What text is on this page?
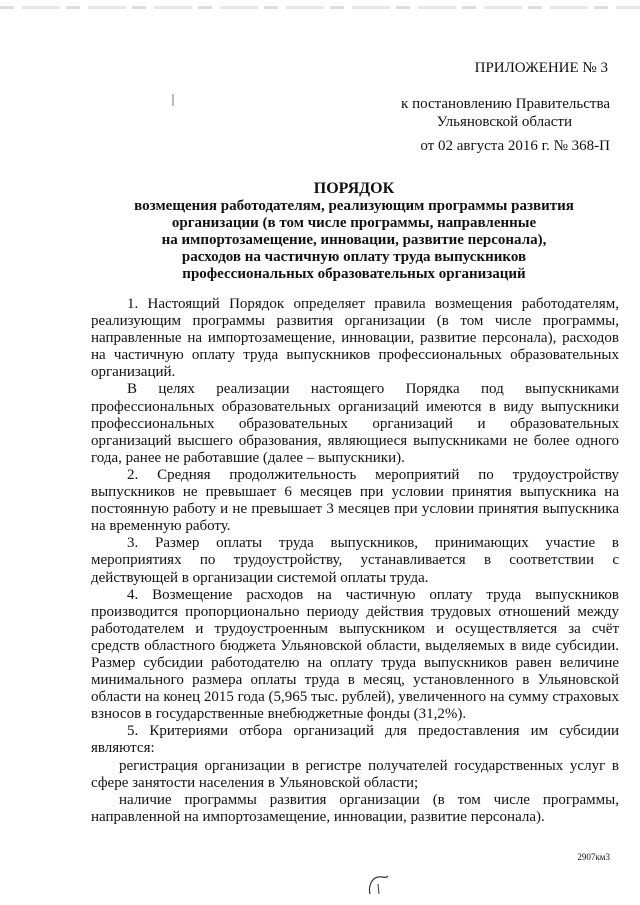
ПРИЛОЖЕНИЕ № 3
к постановлению Правительства
Ульяновской области
от 02 августа 2016 г. № 368-П
ПОРЯДОК
возмещения работодателям, реализующим программы развития
организации (в том числе программы, направленные
на импортозамещение, инновации, развитие персонала),
расходов на частичную оплату труда выпускников
профессиональных образовательных организаций

1. Настоящий Порядок определяет правила возмещения работодателям, реализующим программы развития организации (в том числе программы, направленные на импортозамещение, инновации, развитие персонала), расходов на частичную оплату труда выпускников профессиональных образовательных организаций.

В целях реализации настоящего Порядка под выпускниками профессиональных образовательных организаций имеются в виду выпускники профессиональных образовательных организаций и образовательных организаций высшего образования, являющиеся выпускниками не более одного года, ранее не работавшие (далее – выпускники).

2. Средняя продолжительность мероприятий по трудоустройству выпускников не превышает 6 месяцев при условии принятия выпускника на постоянную работу и не превышает 3 месяцев при условии принятия выпускника на временную работу.

3. Размер оплаты труда выпускников, принимающих участие в мероприятиях по трудоустройству, устанавливается в соответствии с действующей в организации системой оплаты труда.

4. Возмещение расходов на частичную оплату труда выпускников производится пропорционально периоду действия трудовых отношений между работодателем и трудоустроенным выпускником и осуществляется за счёт средств областного бюджета Ульяновской области, выделяемых в виде субсидии. Размер субсидии работодателю на оплату труда выпускников равен величине минимального размера оплаты труда в месяц, установленного в Ульяновской области на конец 2015 года (5,965 тыс. рублей), увеличенного на сумму страховых взносов в государственные внебюджетные фонды (31,2%).

5. Критериями отбора организаций для предоставления им субсидии являются:

регистрация организации в регистре получателей государственных услуг в сфере занятости населения в Ульяновской области;

наличие программы развития организации (в том числе программы, направленной на импортозамещение, инновации, развитие персонала).

2907км3
